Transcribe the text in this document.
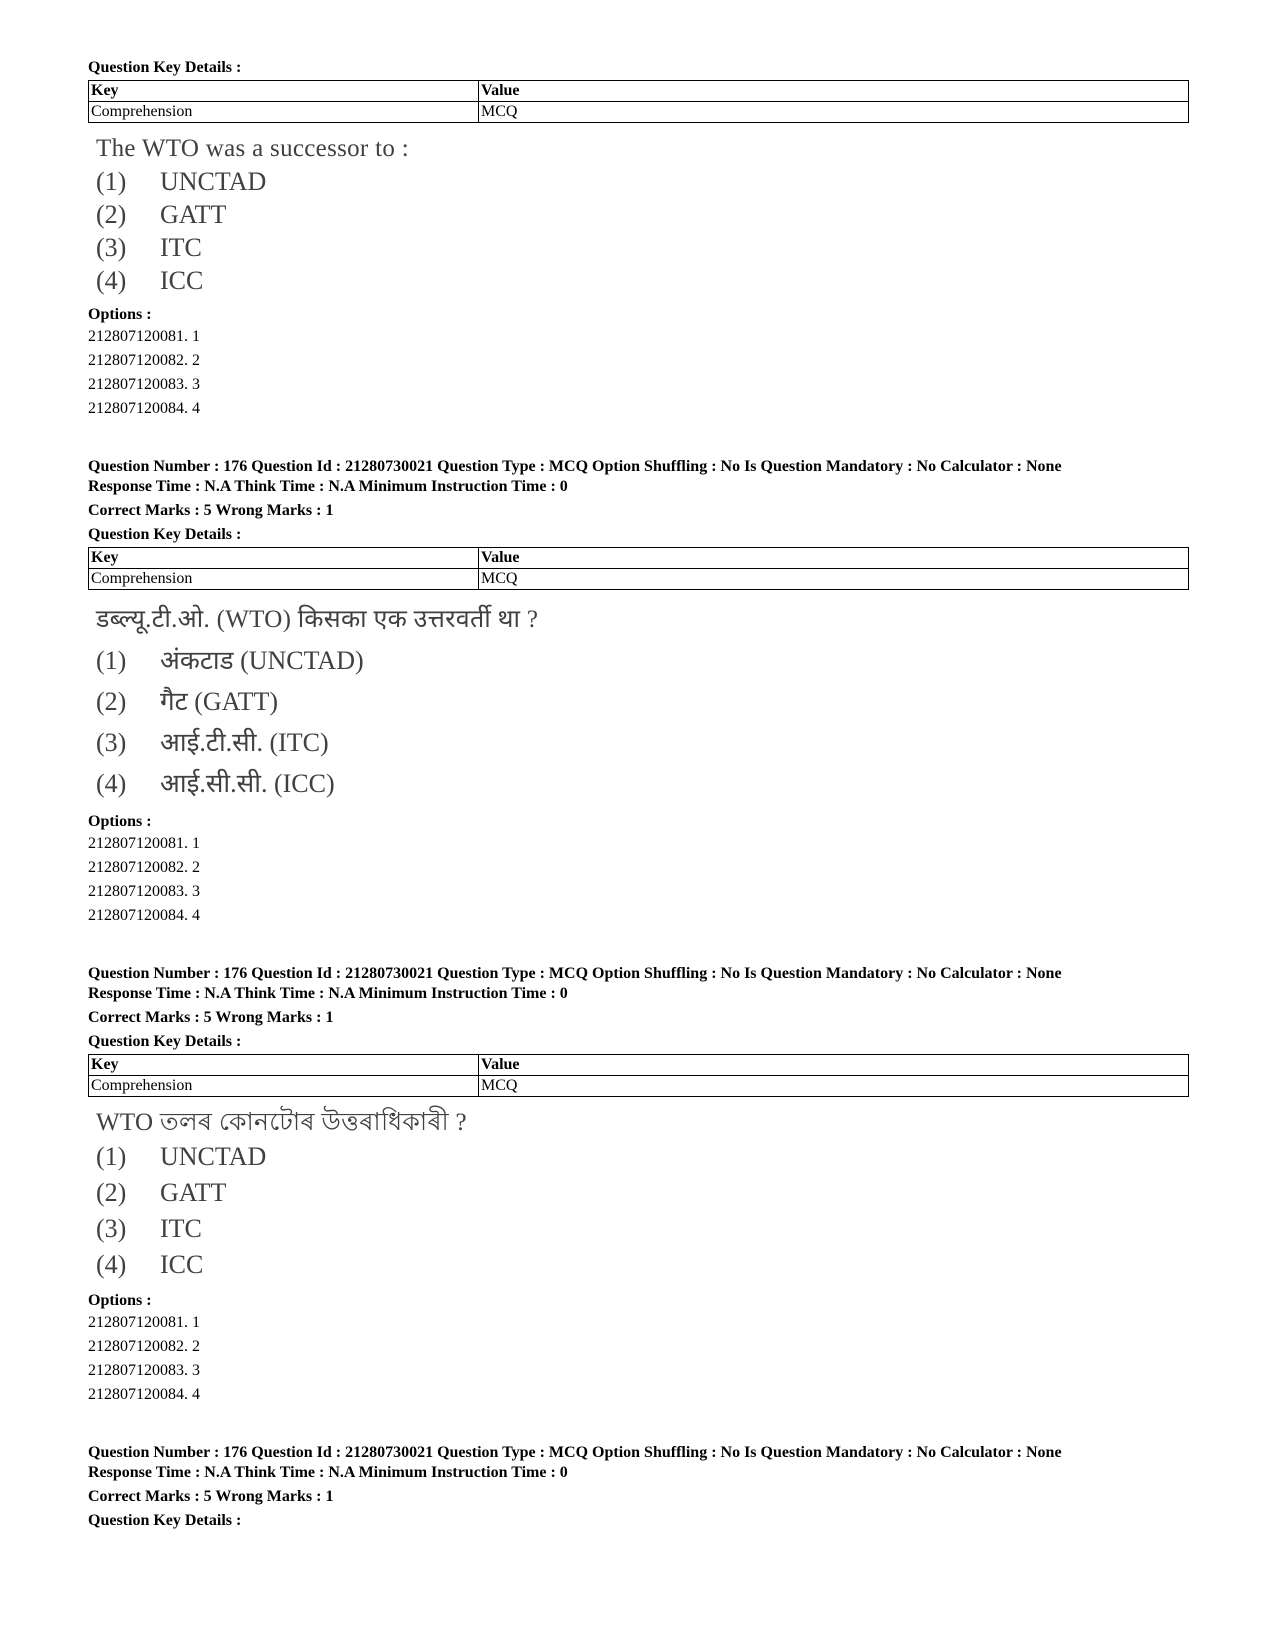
Question Key Details :
Key	Value
Comprehension	MCQ
The WTO was a successor to :
(1)	UNCTAD
(2)	GATT
(3)	ITC
(4)	ICC
Options :
212807120081. 1
212807120082. 2
212807120083. 3
212807120084. 4
Question Number : 176 Question Id : 21280730021 Question Type : MCQ Option Shuffling : No Is Question Mandatory : No Calculator : None
Response Time : N.A Think Time : N.A Minimum Instruction Time : 0
Correct Marks : 5 Wrong Marks : 1
Question Key Details :
Key	Value
Comprehension	MCQ
डब्ल्यू.टी.ओ. (WTO) किसका एक उत्तरवर्ती था ?
(1)	अंकटाड (UNCTAD)
(2)	गैट (GATT)
(3)	आई.टी.सी. (ITC)
(4)	आई.सी.सी. (ICC)
Options :
212807120081. 1
212807120082. 2
212807120083. 3
212807120084. 4
Question Number : 176 Question Id : 21280730021 Question Type : MCQ Option Shuffling : No Is Question Mandatory : No Calculator : None
Response Time : N.A Think Time : N.A Minimum Instruction Time : 0
Correct Marks : 5 Wrong Marks : 1
Question Key Details :
Key	Value
Comprehension	MCQ
WTO তলৰ কোনটোৰ উত্তৰাধিকাৰী ?
(1)	UNCTAD
(2)	GATT
(3)	ITC
(4)	ICC
Options :
212807120081. 1
212807120082. 2
212807120083. 3
212807120084. 4
Question Number : 176 Question Id : 21280730021 Question Type : MCQ Option Shuffling : No Is Question Mandatory : No Calculator : None
Response Time : N.A Think Time : N.A Minimum Instruction Time : 0
Correct Marks : 5 Wrong Marks : 1
Question Key Details :
